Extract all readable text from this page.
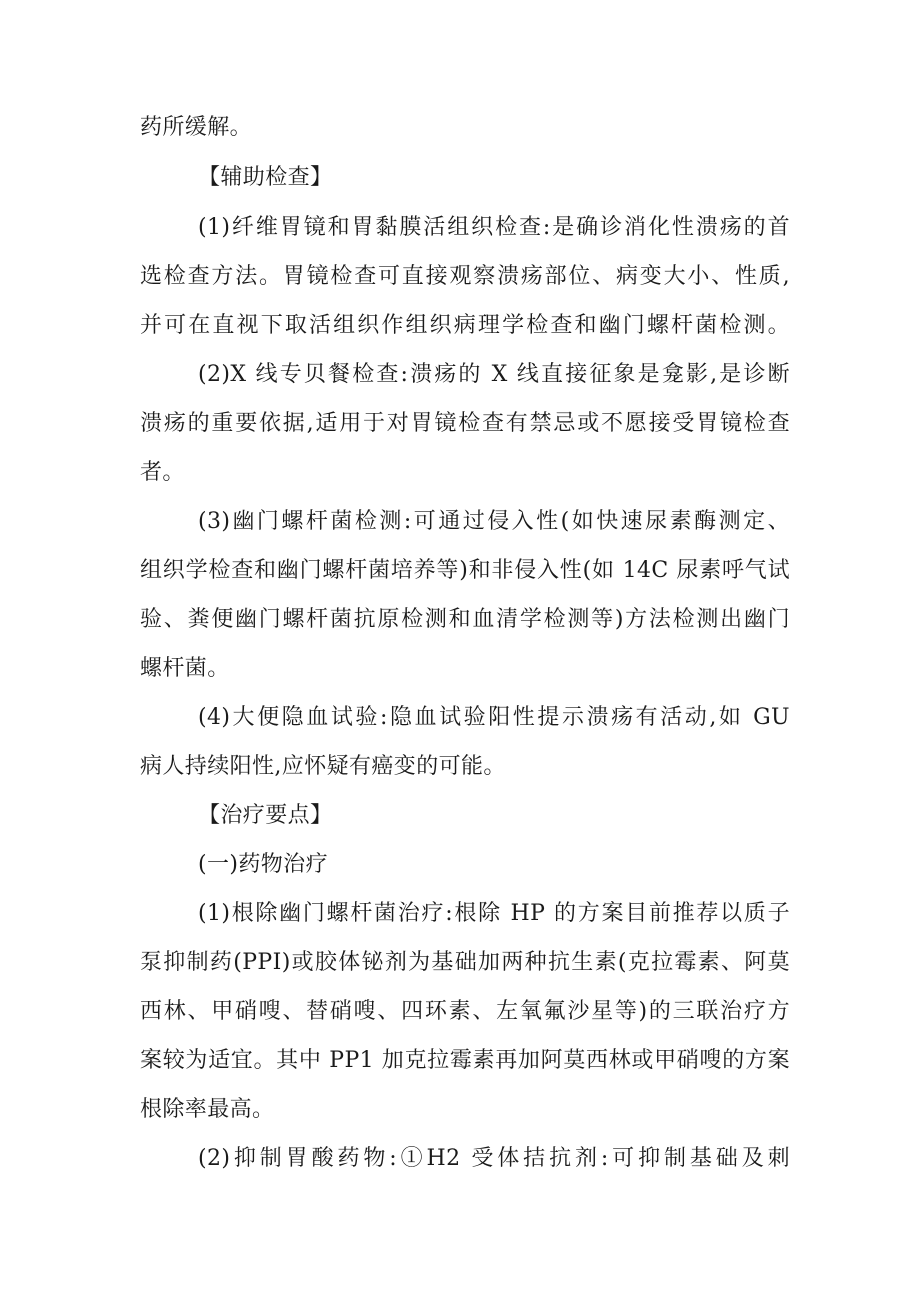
药所缓解。
【辅助检查】
(1)纤维胃镜和胃黏膜活组织检查:是确诊消化性溃疡的首
选检查方法。胃镜检查可直接观察溃疡部位、病变大小、性质,
并可在直视下取活组织作组织病理学检查和幽门螺杆菌检测。
(2)X 线专贝餐检查:溃疡的 X 线直接征象是龛影,是诊断
溃疡的重要依据,适用于对胃镜检查有禁忌或不愿接受胃镜检查
者。
(3)幽门螺杆菌检测:可通过侵入性(如快速尿素酶测定、
组织学检查和幽门螺杆菌培养等)和非侵入性(如 14C 尿素呼气试
验、粪便幽门螺杆菌抗原检测和血清学检测等)方法检测出幽门
螺杆菌。
(4)大便隐血试验:隐血试验阳性提示溃疡有活动,如 GU
病人持续阳性,应怀疑有癌变的可能。
【治疗要点】
(一)药物治疗
(1)根除幽门螺杆菌治疗:根除 HP 的方案目前推荐以质子
泵抑制药(PPI)或胶体铋剂为基础加两种抗生素(克拉霉素、阿莫
西林、甲硝嗖、替硝嗖、四环素、左氧氟沙星等)的三联治疗方
案较为适宜。其中 PP1 加克拉霉素再加阿莫西林或甲硝嗖的方案
根除率最高。
(2)抑制胃酸药物:①H2 受体拮抗剂:可抑制基础及刺
